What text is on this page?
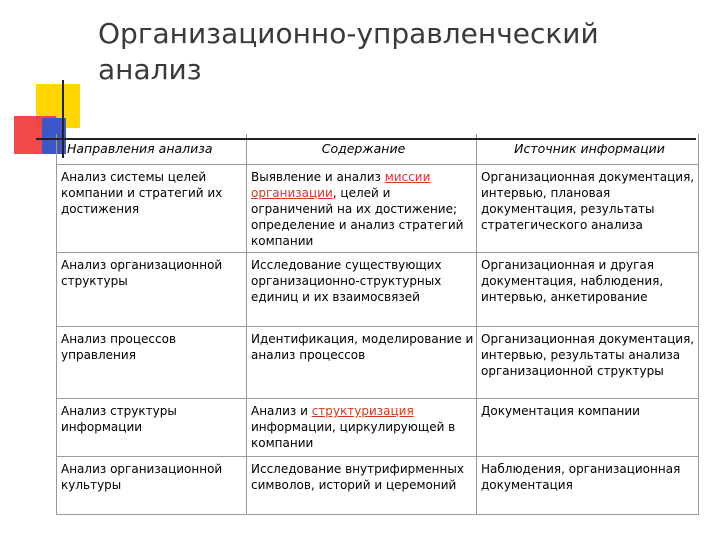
Организационно-управленческий анализ
Направления анализа	Содержание	Источник информации
Анализ системы целей компании и стратегий их достижения	Выявление и анализ миссии организации, целей и ограничений на их достижение; определение и анализ стратегий компании	Организационная документация, интервью, плановая документация, результаты стратегического анализа
Анализ организационной структуры	Исследование существующих организационно-структурных единиц и их взаимосвязей	Организационная и другая документация, наблюдения, интервью, анкетирование
Анализ процессов управления	Идентификация, моделирование и анализ процессов	Организационная документация, интервью, результаты анализа организационной структуры
Анализ структуры информации	Анализ и структуризация информации, циркулирующей в компании	Документация компании
Анализ организационной культуры	Исследование внутрифирменных символов, историй и церемоний	Наблюдения, организационная документация
